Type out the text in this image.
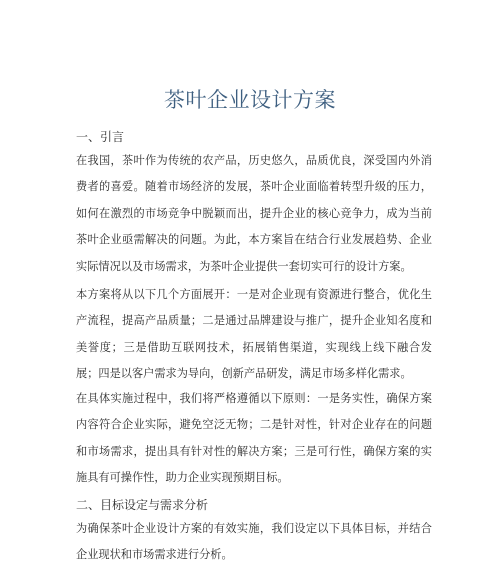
茶叶企业设计方案
一、引言

在我国，茶叶作为传统的农产品，历史悠久，品质优良，深受国内外消费者的喜爱。随着市场经济的发展，茶叶企业面临着转型升级的压力，如何在激烈的市场竞争中脱颖而出，提升企业的核心竞争力，成为当前茶叶企业亟需解决的问题。为此，本方案旨在结合行业发展趋势、企业实际情况以及市场需求，为茶叶企业提供一套切实可行的设计方案。

本方案将从以下几个方面展开：一是对企业现有资源进行整合，优化生产流程，提高产品质量；二是通过品牌建设与推广，提升企业知名度和美誉度；三是借助互联网技术，拓展销售渠道，实现线上线下融合发展；四是以客户需求为导向，创新产品研发，满足市场多样化需求。

在具体实施过程中，我们将严格遵循以下原则：一是务实性，确保方案内容符合企业实际，避免空泛无物；二是针对性，针对企业存在的问题和市场需求，提出具有针对性的解决方案；三是可行性，确保方案的实施具有可操作性，助力企业实现预期目标。

二、目标设定与需求分析

为确保茶叶企业设计方案的有效实施，我们设定以下具体目标，并结合企业现状和市场需求进行分析。
